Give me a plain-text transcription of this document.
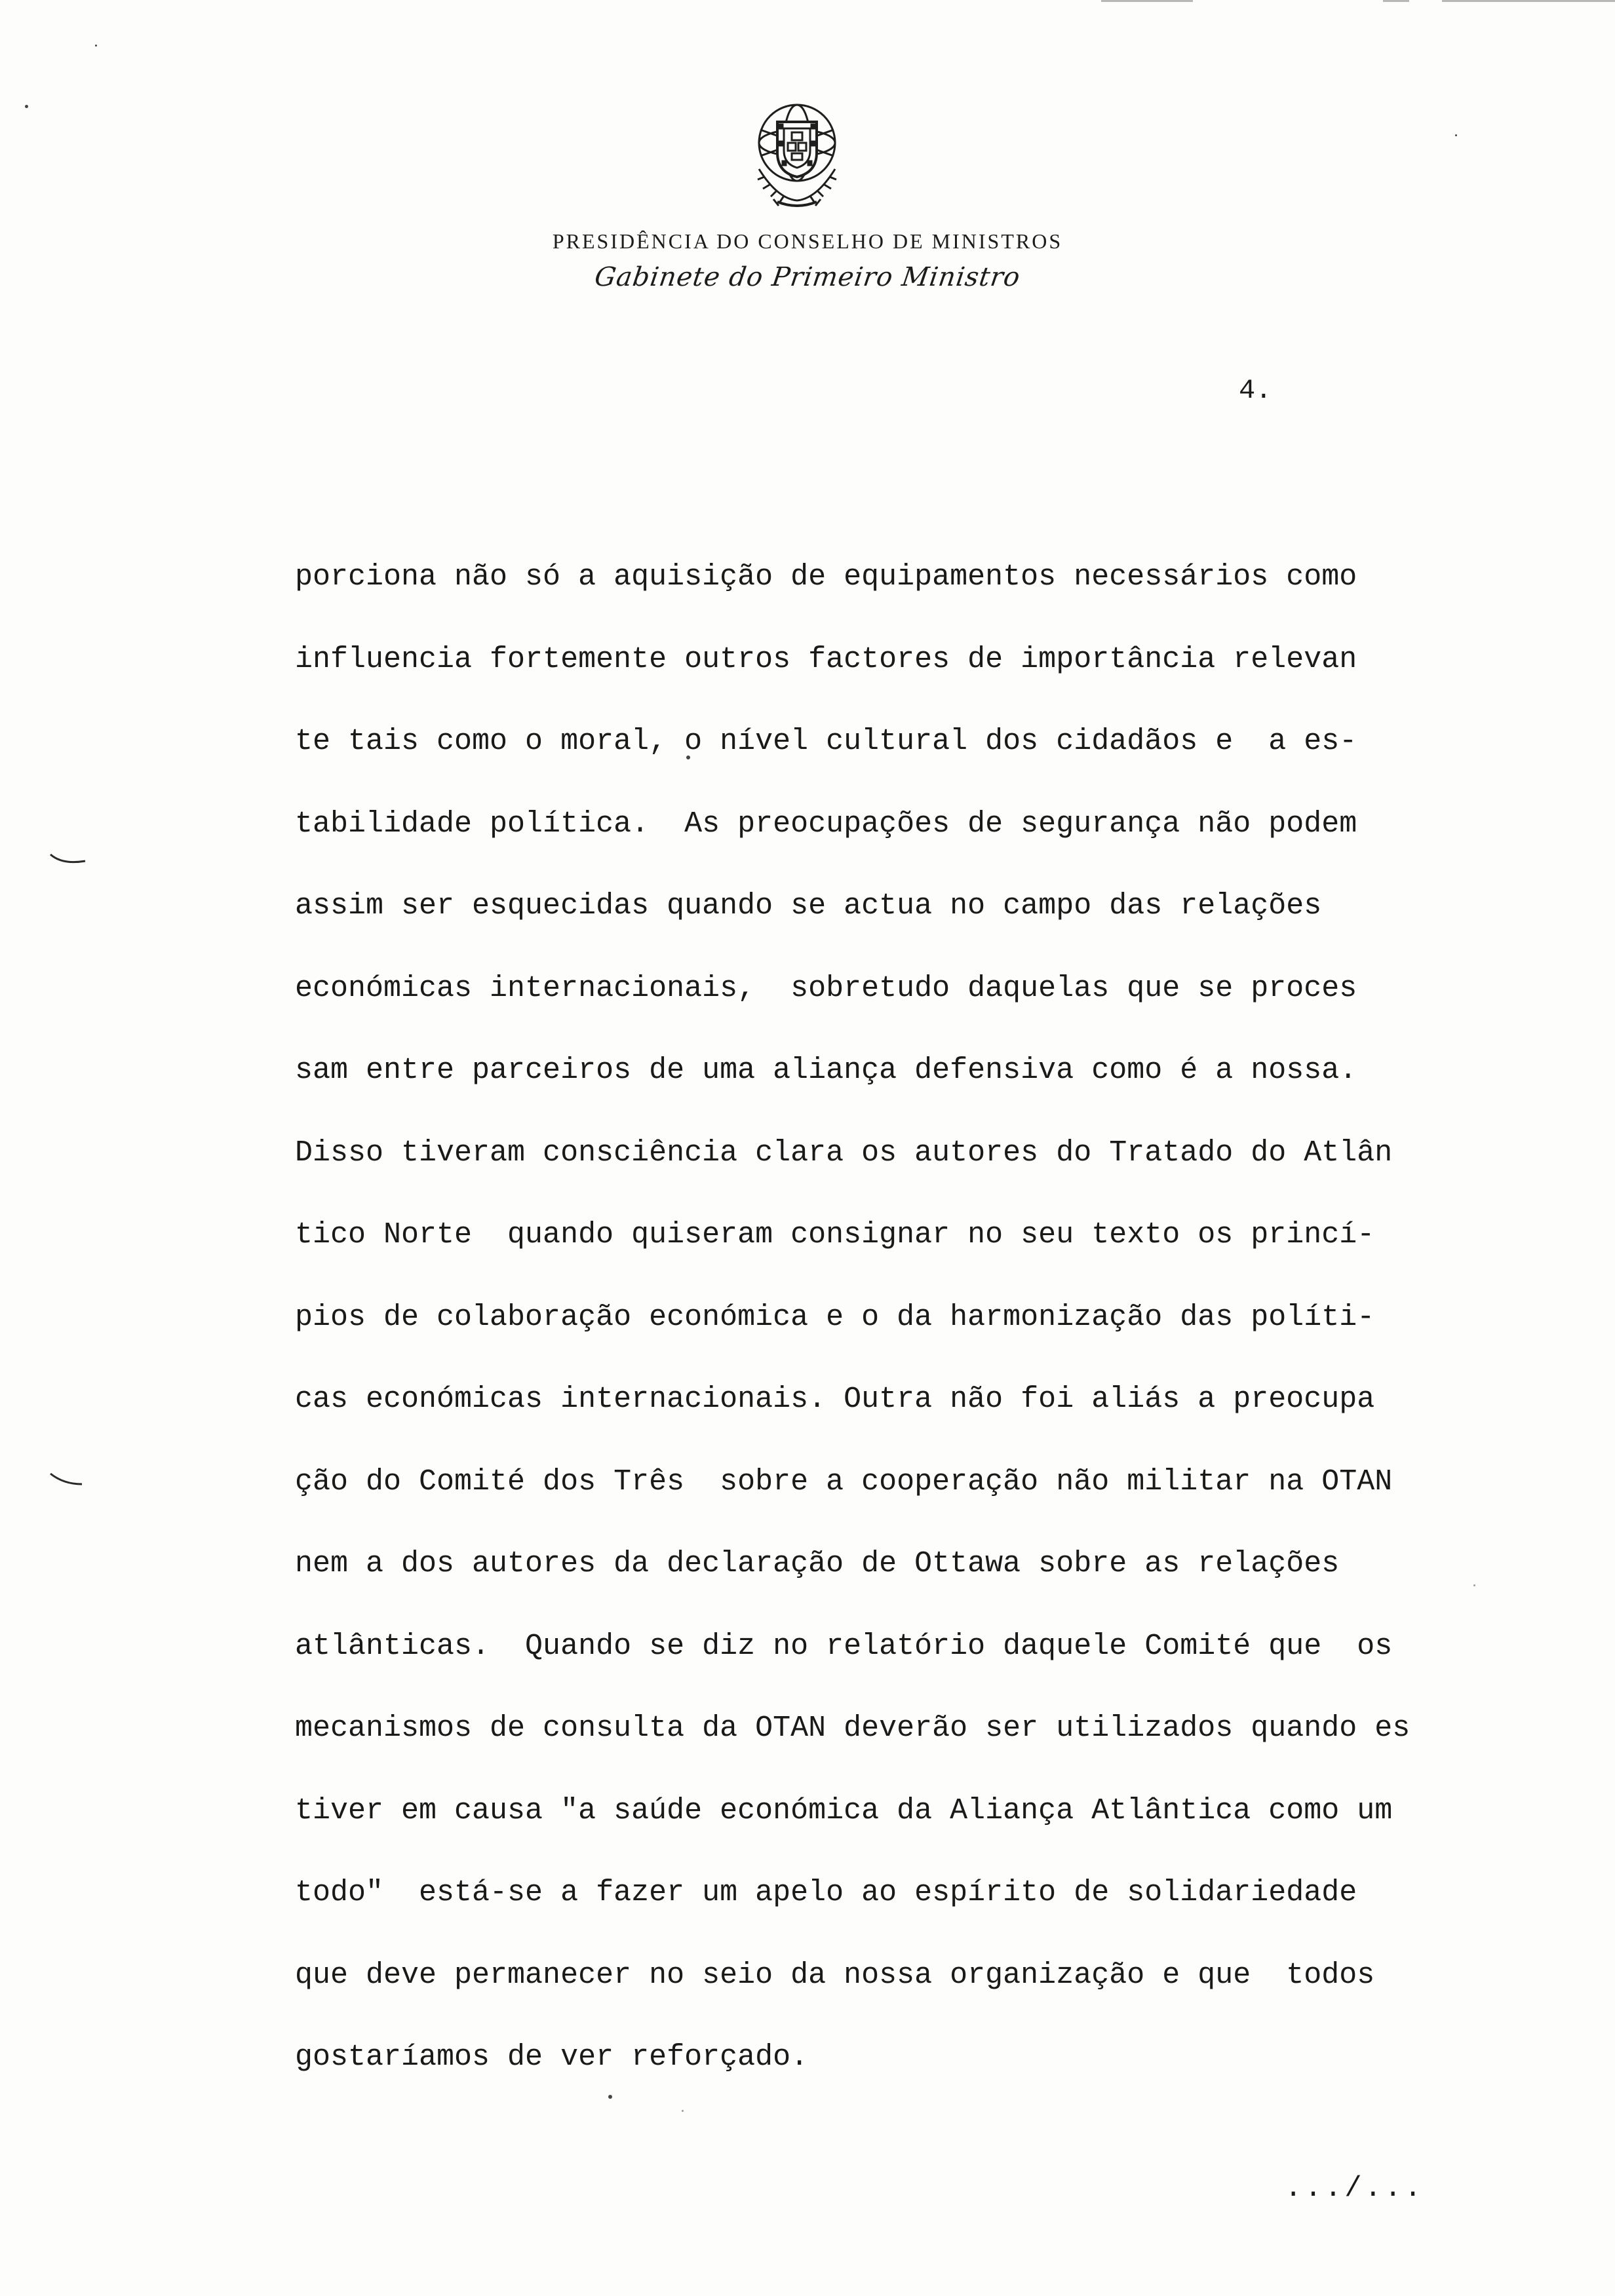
PRESIDÊNCIA DO CONSELHO DE MINISTROS
Gabinete do Primeiro Ministro
4.
porciona não só a aquisição de equipamentos necessários como
influencia fortemente outros factores de importância relevan
te tais como o moral, o nível cultural dos cidadãos e  a es-
tabilidade política.  As preocupações de segurança não podem
assim ser esquecidas quando se actua no campo das relações
económicas internacionais,  sobretudo daquelas que se proces
sam entre parceiros de uma aliança defensiva como é a nossa.
Disso tiveram consciência clara os autores do Tratado do Atlân
tico Norte  quando quiseram consignar no seu texto os princí-
pios de colaboração económica e o da harmonização das políti-
cas económicas internacionais. Outra não foi aliás a preocupa
ção do Comité dos Três  sobre a cooperação não militar na OTAN
nem a dos autores da declaração de Ottawa sobre as relações
atlânticas.  Quando se diz no relatório daquele Comité que  os
mecanismos de consulta da OTAN deverão ser utilizados quando es
tiver em causa "a saúde económica da Aliança Atlântica como um
todo"  está-se a fazer um apelo ao espírito de solidariedade
que deve permanecer no seio da nossa organização e que  todos
gostaríamos de ver reforçado.
.../...
